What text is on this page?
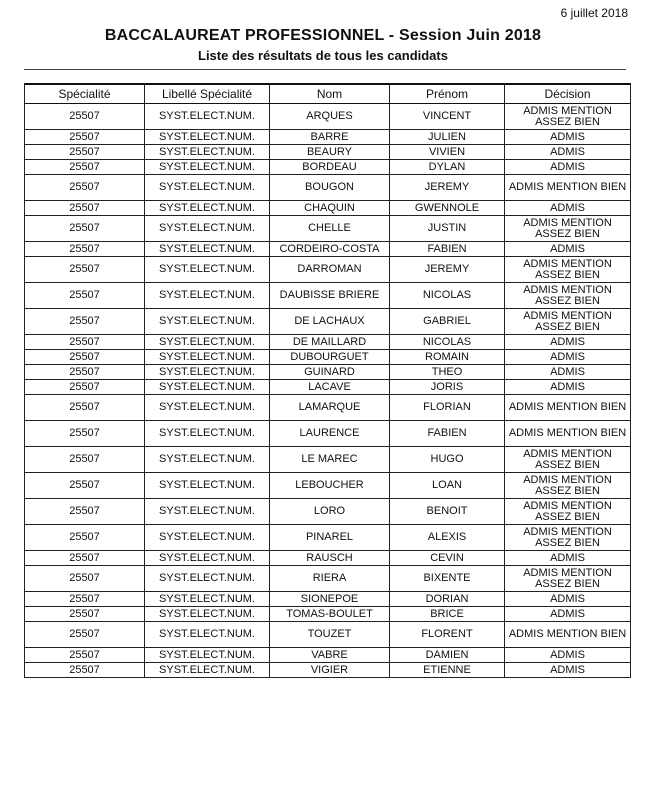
6 juillet 2018
BACCALAUREAT PROFESSIONNEL - Session Juin 2018
Liste des résultats de tous les candidats
Spécialité	Libellé Spécialité	Nom	Prénom	Décision
25507	SYST.ELECT.NUM.	ARQUES	VINCENT	ADMIS MENTION ASSEZ BIEN
25507	SYST.ELECT.NUM.	BARRE	JULIEN	ADMIS
25507	SYST.ELECT.NUM.	BEAURY	VIVIEN	ADMIS
25507	SYST.ELECT.NUM.	BORDEAU	DYLAN	ADMIS
25507	SYST.ELECT.NUM.	BOUGON	JEREMY	ADMIS MENTION BIEN
25507	SYST.ELECT.NUM.	CHAQUIN	GWENNOLE	ADMIS
25507	SYST.ELECT.NUM.	CHELLE	JUSTIN	ADMIS MENTION ASSEZ BIEN
25507	SYST.ELECT.NUM.	CORDEIRO-COSTA	FABIEN	ADMIS
25507	SYST.ELECT.NUM.	DARROMAN	JEREMY	ADMIS MENTION ASSEZ BIEN
25507	SYST.ELECT.NUM.	DAUBISSE BRIERE	NICOLAS	ADMIS MENTION ASSEZ BIEN
25507	SYST.ELECT.NUM.	DE LACHAUX	GABRIEL	ADMIS MENTION ASSEZ BIEN
25507	SYST.ELECT.NUM.	DE MAILLARD	NICOLAS	ADMIS
25507	SYST.ELECT.NUM.	DUBOURGUET	ROMAIN	ADMIS
25507	SYST.ELECT.NUM.	GUINARD	THEO	ADMIS
25507	SYST.ELECT.NUM.	LACAVE	JORIS	ADMIS
25507	SYST.ELECT.NUM.	LAMARQUE	FLORIAN	ADMIS MENTION BIEN
25507	SYST.ELECT.NUM.	LAURENCE	FABIEN	ADMIS MENTION BIEN
25507	SYST.ELECT.NUM.	LE MAREC	HUGO	ADMIS MENTION ASSEZ BIEN
25507	SYST.ELECT.NUM.	LEBOUCHER	LOAN	ADMIS MENTION ASSEZ BIEN
25507	SYST.ELECT.NUM.	LORO	BENOIT	ADMIS MENTION ASSEZ BIEN
25507	SYST.ELECT.NUM.	PINAREL	ALEXIS	ADMIS MENTION ASSEZ BIEN
25507	SYST.ELECT.NUM.	RAUSCH	CEVIN	ADMIS
25507	SYST.ELECT.NUM.	RIERA	BIXENTE	ADMIS MENTION ASSEZ BIEN
25507	SYST.ELECT.NUM.	SIONEPOE	DORIAN	ADMIS
25507	SYST.ELECT.NUM.	TOMAS-BOULET	BRICE	ADMIS
25507	SYST.ELECT.NUM.	TOUZET	FLORENT	ADMIS MENTION BIEN
25507	SYST.ELECT.NUM.	VABRE	DAMIEN	ADMIS
25507	SYST.ELECT.NUM.	VIGIER	ETIENNE	ADMIS
